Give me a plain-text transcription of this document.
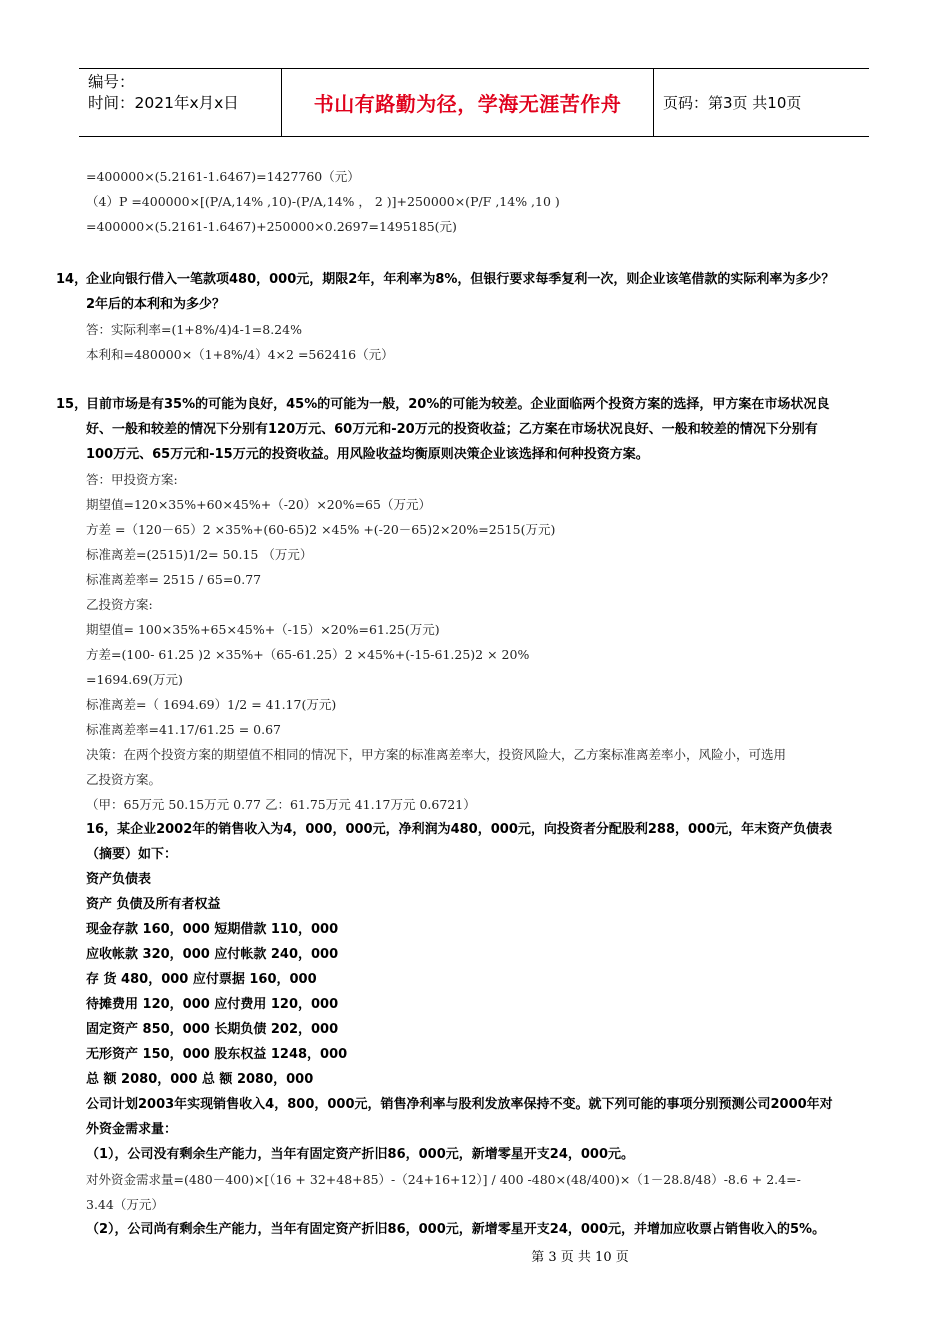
编号：
时间：2021年x月x日	书山有路勤为径，学海无涯苦作舟	页码：第3页 共10页
=400000×(5.2161-1.6467)=1427760（元）
（4）P =400000×[(P/A,14% ,10)-(P/A,14% ， 2 )]+250000×(P/F ,14% ,10 )
=400000×(5.2161-1.6467)+250000×0.2697=1495185(元)
14，
企业向银行借入一笔款项480，000元，期限2年，年利率为8%，但银行要求每季复利一次，则企业该笔借款的实际利率为多少？
2年后的本利和为多少？
答：实际利率=(1+8%/4)4-1=8.24%
本利和=480000×（1+8%/4）4×2 =562416（元）
15，
目前市场是有35%的可能为良好，45%的可能为一般，20%的可能为较差。企业面临两个投资方案的选择，甲方案在市场状况良
好、一般和较差的情况下分别有120万元、60万元和-20万元的投资收益；乙方案在市场状况良好、一般和较差的情况下分别有
100万元、65万元和-15万元的投资收益。用风险收益均衡原则决策企业该选择和何种投资方案。
答：甲投资方案:
期望值=120×35%+60×45%+（-20）×20%=65（万元）
方差 =（120－65）2 ×35%+(60-65)2 ×45% +(-20－65)2×20%=2515(万元)
标准离差=(2515)1/2= 50.15 （万元）
标准离差率= 2515 / 65=0.77
乙投资方案:
期望值= 100×35%+65×45%+（-15）×20%=61.25(万元)
方差=(100- 61.25 )2 ×35%+（65-61.25）2 ×45%+(-15-61.25)2 × 20%
=1694.69(万元)
标准离差=（ 1694.69）1/2 = 41.17(万元)
标准离差率=41.17/61.25 = 0.67
决策：在两个投资方案的期望值不相同的情况下，甲方案的标准离差率大，投资风险大，乙方案标准离差率小，风险小，可选用
乙投资方案。
（甲：65万元 50.15万元 0.77 乙：61.75万元 41.17万元 0.6721）
16，某企业2002年的销售收入为4，000，000元，净利润为480，000元，向投资者分配股利288，000元，年末资产负债表
（摘要）如下：
资产负债表
资产 负债及所有者权益
现金存款 160，000 短期借款 110，000
应收帐款 320，000 应付帐款 240，000
存 货 480，000 应付票据 160，000
待摊费用 120，000 应付费用 120，000
固定资产 850，000 长期负债 202，000
无形资产 150，000 股东权益 1248，000
总 额 2080，000 总 额 2080，000
公司计划2003年实现销售收入4，800，000元，销售净利率与股利发放率保持不变。就下列可能的事项分别预测公司2000年对
外资金需求量：
（1），公司没有剩余生产能力，当年有固定资产折旧86，000元，新增零星开支24，000元。
对外资金需求量=(480－400)×[（16 + 32+48+85）-（24+16+12）] / 400 -480×(48/400)×（1－28.8/48）-8.6 + 2.4=-
3.44（万元）
（2），公司尚有剩余生产能力，当年有固定资产折旧86，000元，新增零星开支24，000元，并增加应收票占销售收入的5%。
第 3 页 共 10 页
